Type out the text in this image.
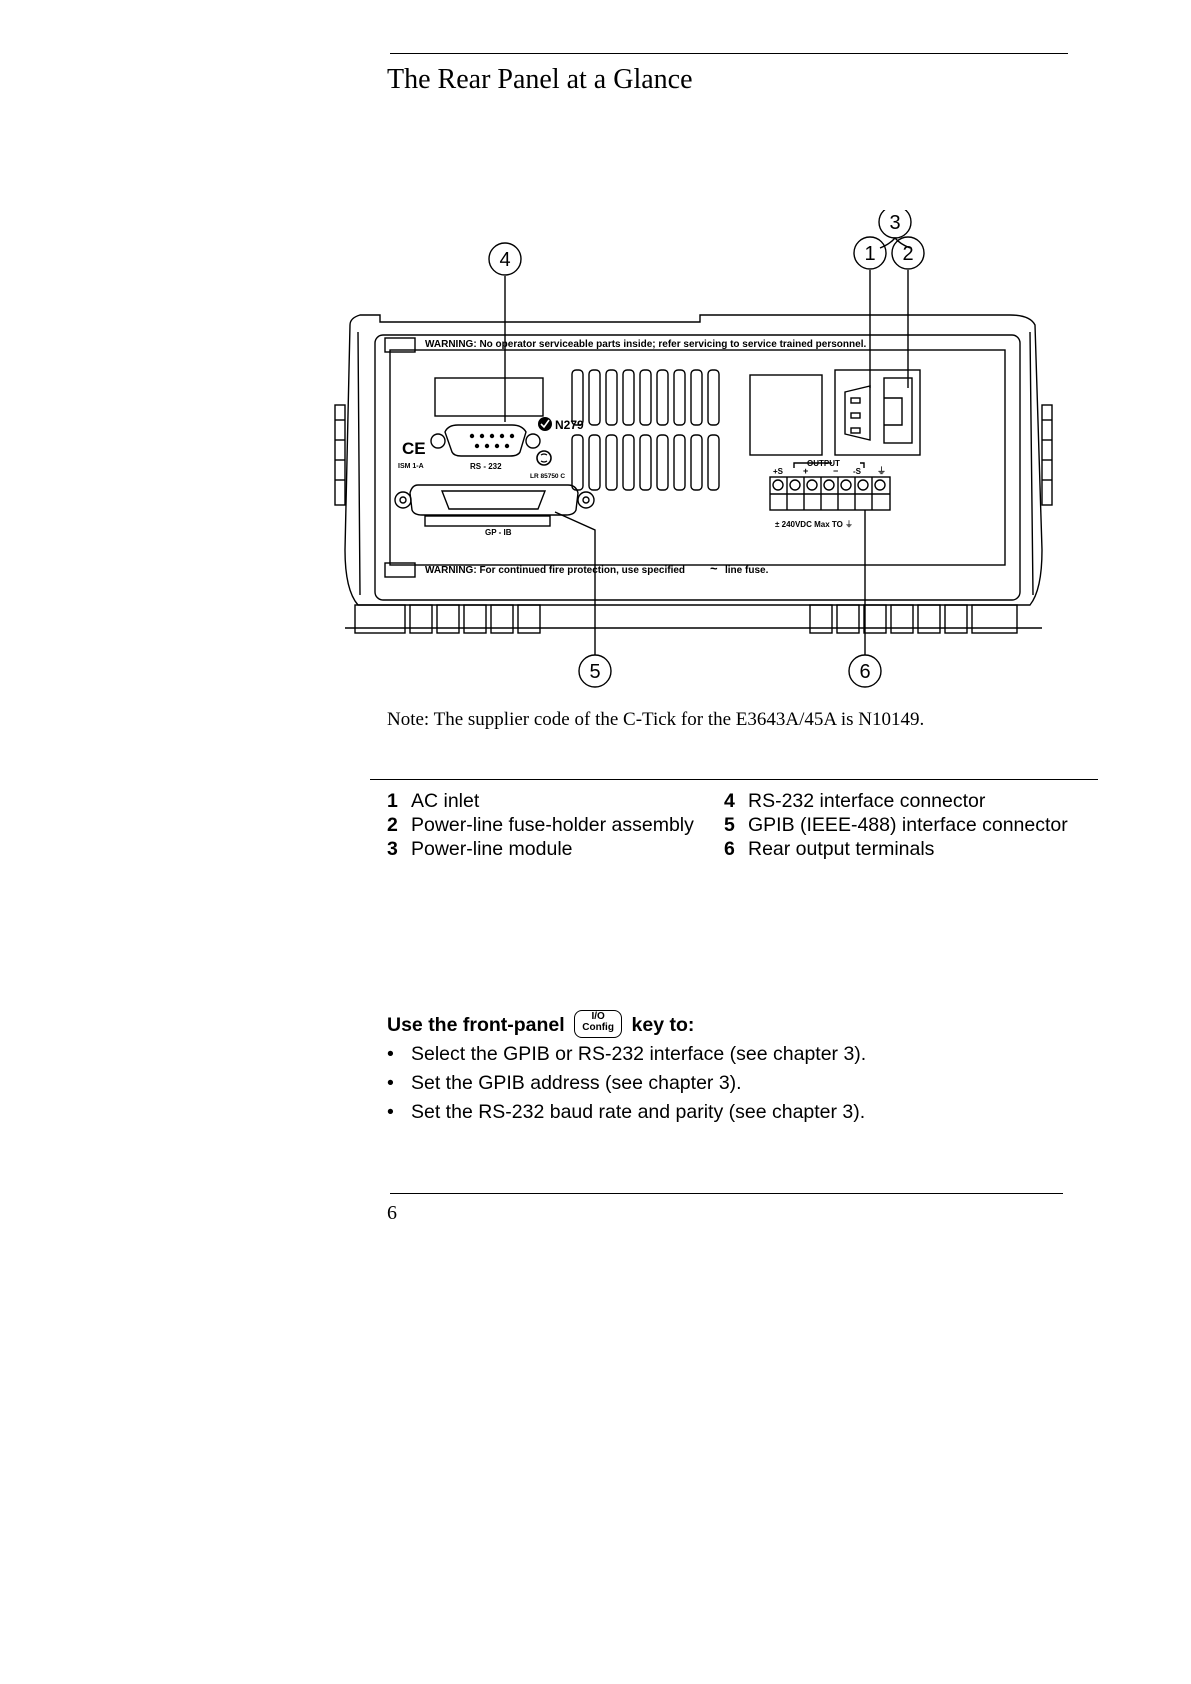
The Rear Panel at a Glance
4
3
1 2
5	6
WARNING: No operator serviceable parts inside; refer servicing to service trained personnel.
WARNING: For continued fire protection, use specified ~ line fuse.
RS - 232
GP - IB
CE
ISM 1-A
N279
LR 85750 C
OUTPUT
+S +	− -S ⏚
± 240VDC Max TO ⏚
Note: The supplier code of the C-Tick for the E3643A/45A is N10149.
1 AC inlet
2 Power-line fuse-holder assembly
3 Power-line module
4 RS-232 interface connector
5 GPIB (IEEE-488) interface connector
6 Rear output terminals
Use the front-panel	I/O
Config key to:
• Select the GPIB or RS-232 interface (see chapter 3).
• Set the GPIB address (see chapter 3).
• Set the RS-232 baud rate and parity (see chapter 3).
6
